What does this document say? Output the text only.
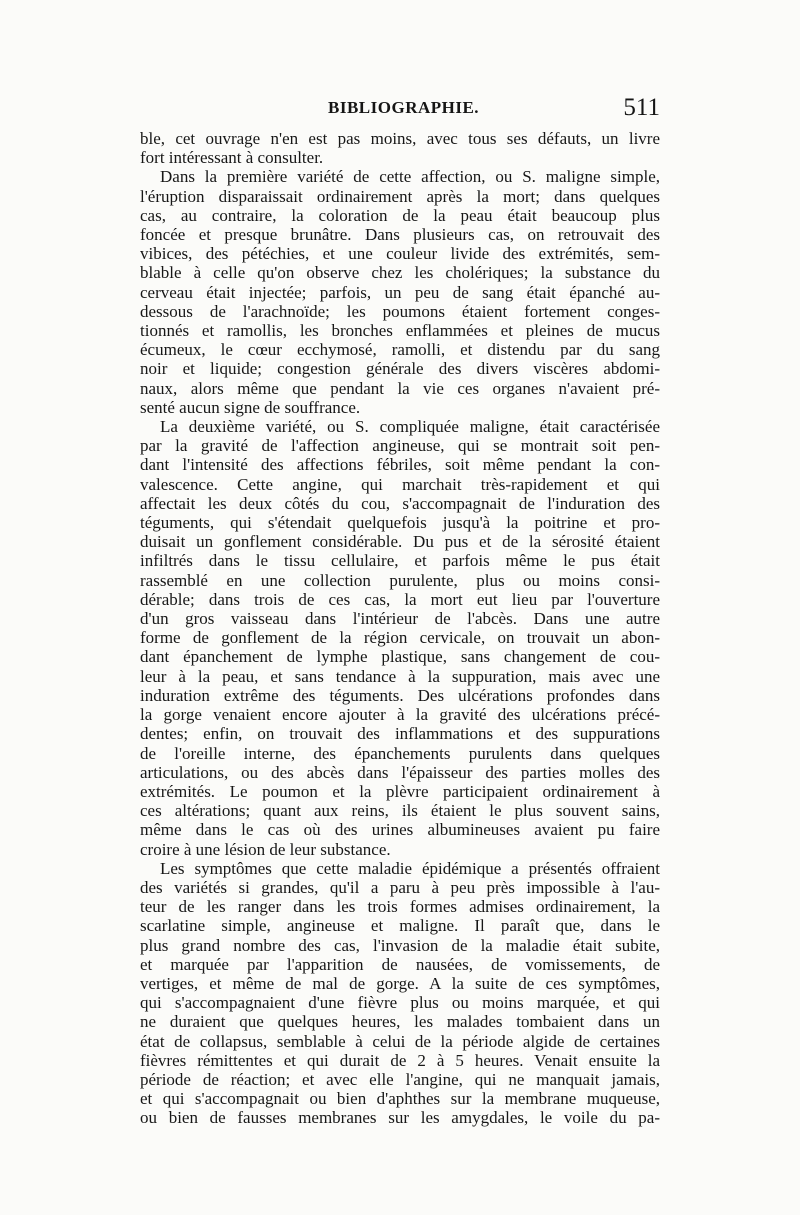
BIBLIOGRAPHIE.	511
ble, cet ouvrage n'en est pas moins, avec tous ses défauts, un livre
fort intéressant à consulter.
Dans la première variété de cette affection, ou S. maligne simple,
l'éruption disparaissait ordinairement après la mort; dans quelques
cas, au contraire, la coloration de la peau était beaucoup plus
foncée et presque brunâtre. Dans plusieurs cas, on retrouvait des
vibices, des pétéchies, et une couleur livide des extrémités, sem-
blable à celle qu'on observe chez les cholériques; la substance du
cerveau était injectée; parfois, un peu de sang était épanché au-
dessous de l'arachnoïde; les poumons étaient fortement conges-
tionnés et ramollis, les bronches enflammées et pleines de mucus
écumeux, le cœur ecchymosé, ramolli, et distendu par du sang
noir et liquide; congestion générale des divers viscères abdomi-
naux, alors même que pendant la vie ces organes n'avaient pré-
senté aucun signe de souffrance.
La deuxième variété, ou S. compliquée maligne, était caractérisée
par la gravité de l'affection angineuse, qui se montrait soit pen-
dant l'intensité des affections fébriles, soit même pendant la con-
valescence. Cette angine, qui marchait très-rapidement et qui
affectait les deux côtés du cou, s'accompagnait de l'induration des
téguments, qui s'étendait quelquefois jusqu'à la poitrine et pro-
duisait un gonflement considérable. Du pus et de la sérosité étaient
infiltrés dans le tissu cellulaire, et parfois même le pus était
rassemblé en une collection purulente, plus ou moins consi-
dérable; dans trois de ces cas, la mort eut lieu par l'ouverture
d'un gros vaisseau dans l'intérieur de l'abcès. Dans une autre
forme de gonflement de la région cervicale, on trouvait un abon-
dant épanchement de lymphe plastique, sans changement de cou-
leur à la peau, et sans tendance à la suppuration, mais avec une
induration extrême des téguments. Des ulcérations profondes dans
la gorge venaient encore ajouter à la gravité des ulcérations précé-
dentes; enfin, on trouvait des inflammations et des suppurations
de l'oreille interne, des épanchements purulents dans quelques
articulations, ou des abcès dans l'épaisseur des parties molles des
extrémités. Le poumon et la plèvre participaient ordinairement à
ces altérations; quant aux reins, ils étaient le plus souvent sains,
même dans le cas où des urines albumineuses avaient pu faire
croire à une lésion de leur substance.
Les symptômes que cette maladie épidémique a présentés offraient
des variétés si grandes, qu'il a paru à peu près impossible à l'au-
teur de les ranger dans les trois formes admises ordinairement, la
scarlatine simple, angineuse et maligne. Il paraît que, dans le
plus grand nombre des cas, l'invasion de la maladie était subite,
et marquée par l'apparition de nausées, de vomissements, de
vertiges, et même de mal de gorge. A la suite de ces symptômes,
qui s'accompagnaient d'une fièvre plus ou moins marquée, et qui
ne duraient que quelques heures, les malades tombaient dans un
état de collapsus, semblable à celui de la période algide de certaines
fièvres rémittentes et qui durait de 2 à 5 heures. Venait ensuite la
période de réaction; et avec elle l'angine, qui ne manquait jamais,
et qui s'accompagnait ou bien d'aphthes sur la membrane muqueuse,
ou bien de fausses membranes sur les amygdales, le voile du pa-
